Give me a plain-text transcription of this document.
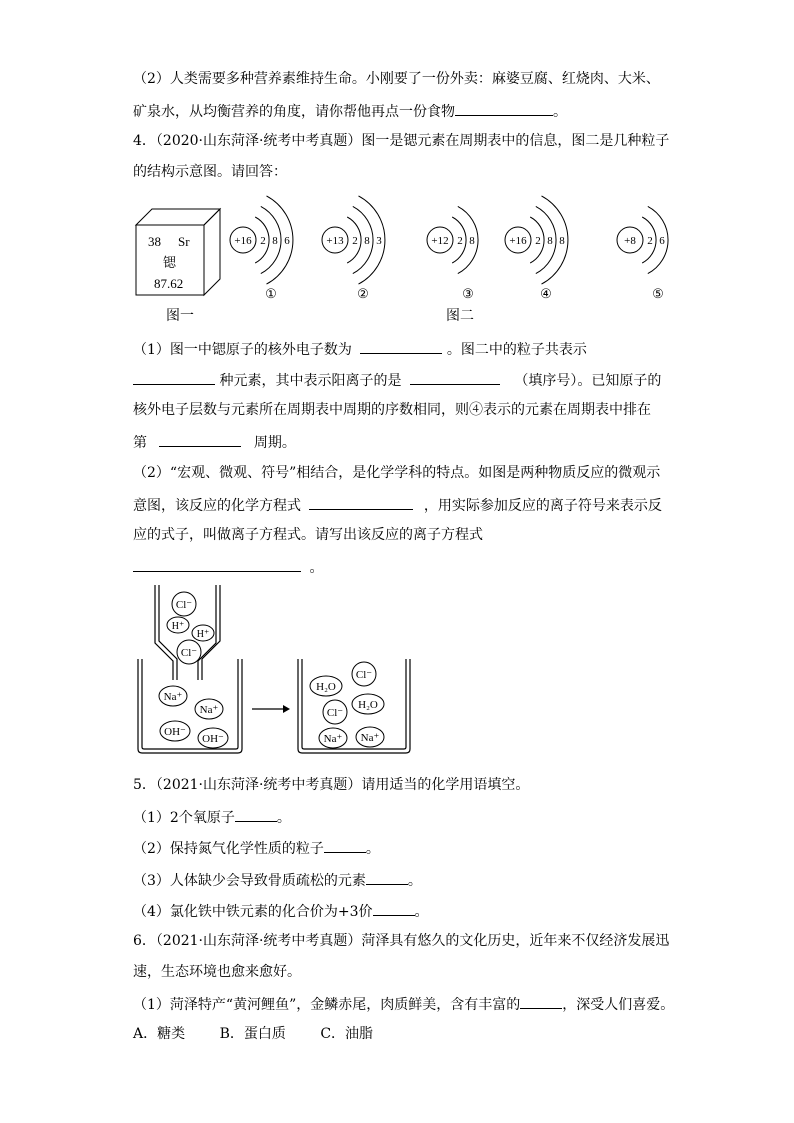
（2）人类需要多种营养素维持生命。小刚要了一份外卖：麻婆豆腐、红烧肉、大米、
矿泉水，从均衡营养的角度，请你帮他再点一份食物	。
4．（2020·山东菏泽·统考中考真题）图一是锶元素在周期表中的信息，图二是几种粒子
的结构示意图。请回答：
38 Sr
锶
87.62
+16 2 8 6
①
+13 2 8 3
②
+12 2 8
③
+16 2 8 8
④
+8 2 6
⑤
图一	图二
（1）图一中锶原子的核外电子数为	。图二中的粒子共表示
种元素，其中表示阳离子的是	（填序号）。已知原子的
核外电子层数与元素所在周期表中周期的序数相同，则④表示的元素在周期表中排在
第	周期。
（2）“宏观、微观、符号”相结合，是化学学科的特点。如图是两种物质反应的微观示
意图，该反应的化学方程式	，用实际参加反应的离子符号来表示反
应的式子，叫做离子方程式。请写出该反应的离子方程式
。
Cl⁻
H⁺
H⁺
Cl⁻
Na⁺
Na⁺
OH⁻
OH⁻
H₂O
Cl⁻
Cl⁻
H₂O
Na⁺ Na⁺
5．（2021·山东菏泽·统考中考真题）请用适当的化学用语填空。
（1）2个氧原子	。
（2）保持氮气化学性质的粒子	。
（3）人体缺少会导致骨质疏松的元素	。
（4）氯化铁中铁元素的化合价为+3价	。
6．（2021·山东菏泽·统考中考真题）菏泽具有悠久的文化历史，近年来不仅经济发展迅
速，生态环境也愈来愈好。
（1）菏泽特产“黄河鲤鱼”，金鳞赤尾，肉质鲜美，含有丰富的	，深受人们喜爱。
A．糖类 B．蛋白质 C．油脂
